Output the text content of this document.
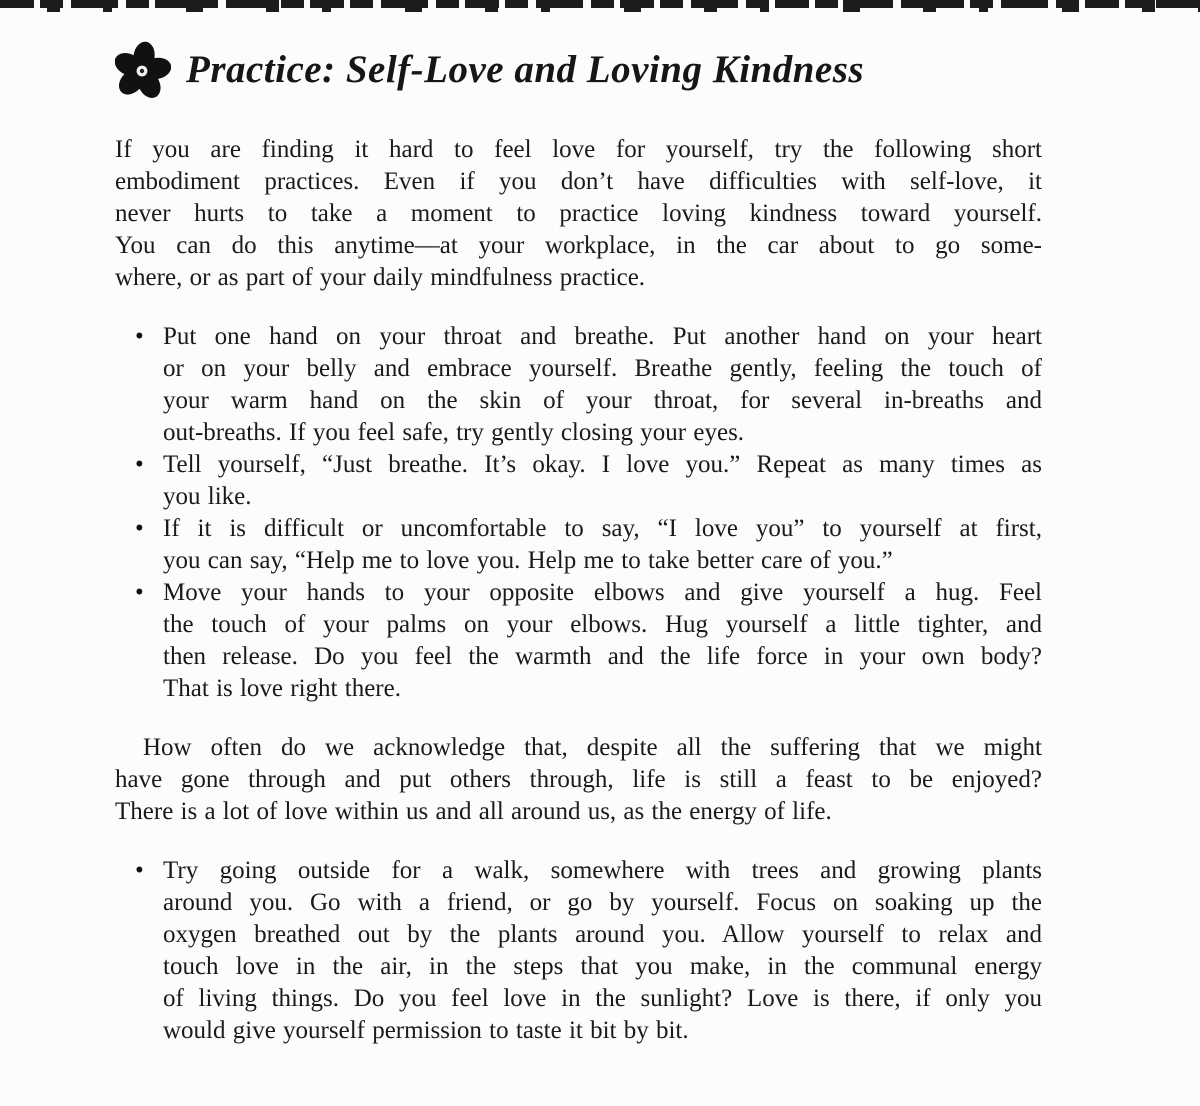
Practice: Self-Love and Loving Kindness
If you are finding it hard to feel love for yourself, try the following short
embodiment practices. Even if you don’t have difficulties with self-love, it
never hurts to take a moment to practice loving kindness toward yourself.
You can do this anytime—at your workplace, in the car about to go some-
where, or as part of your daily mindfulness practice.
• Put one hand on your throat and breathe. Put another hand on your heart
or on your belly and embrace yourself. Breathe gently, feeling the touch of
your warm hand on the skin of your throat, for several in-breaths and
out-breaths. If you feel safe, try gently closing your eyes.
• Tell yourself, “Just breathe. It’s okay. I love you.” Repeat as many times as
you like.
• If it is difficult or uncomfortable to say, “I love you” to yourself at first,
you can say, “Help me to love you. Help me to take better care of you.”
• Move your hands to your opposite elbows and give yourself a hug. Feel
the touch of your palms on your elbows. Hug yourself a little tighter, and
then release. Do you feel the warmth and the life force in your own body?
That is love right there.
How often do we acknowledge that, despite all the suffering that we might
have gone through and put others through, life is still a feast to be enjoyed?
There is a lot of love within us and all around us, as the energy of life.
• Try going outside for a walk, somewhere with trees and growing plants
around you. Go with a friend, or go by yourself. Focus on soaking up the
oxygen breathed out by the plants around you. Allow yourself to relax and
touch love in the air, in the steps that you make, in the communal energy
of living things. Do you feel love in the sunlight? Love is there, if only you
would give yourself permission to taste it bit by bit.
